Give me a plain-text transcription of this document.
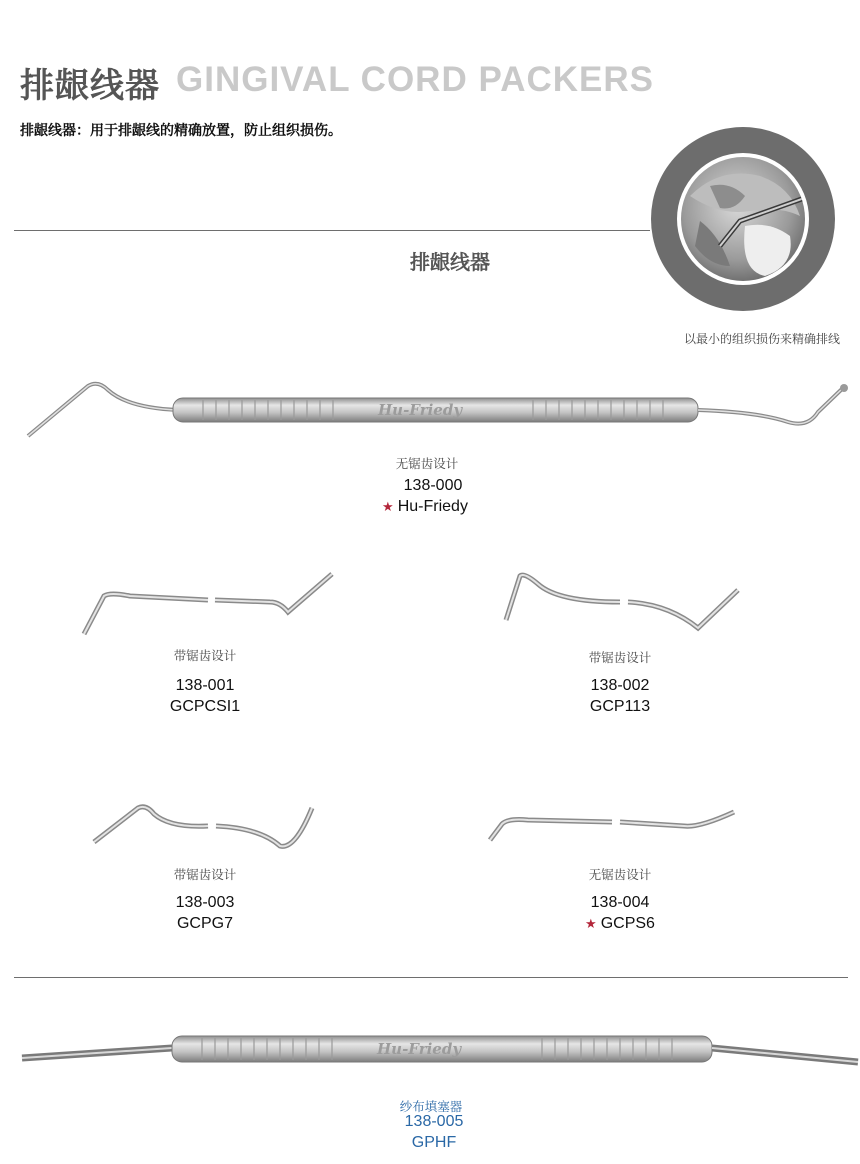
排龈线器 GINGIVAL CORD PACKERS
排龈线器：用于排龈线的精确放置，防止组织损伤。
排龈线器
以最小的组织损伤来精确排线
Hu-Friedy
无锯齿设计
138-000
★ Hu-Friedy
带锯齿设计
138-001
GCPCSI1
带锯齿设计
138-002
GCP113
带锯齿设计
138-003
GCPG7
无锯齿设计
138-004
★ GCPS6
Hu-Friedy
纱布填塞器
138-005
GPHF
